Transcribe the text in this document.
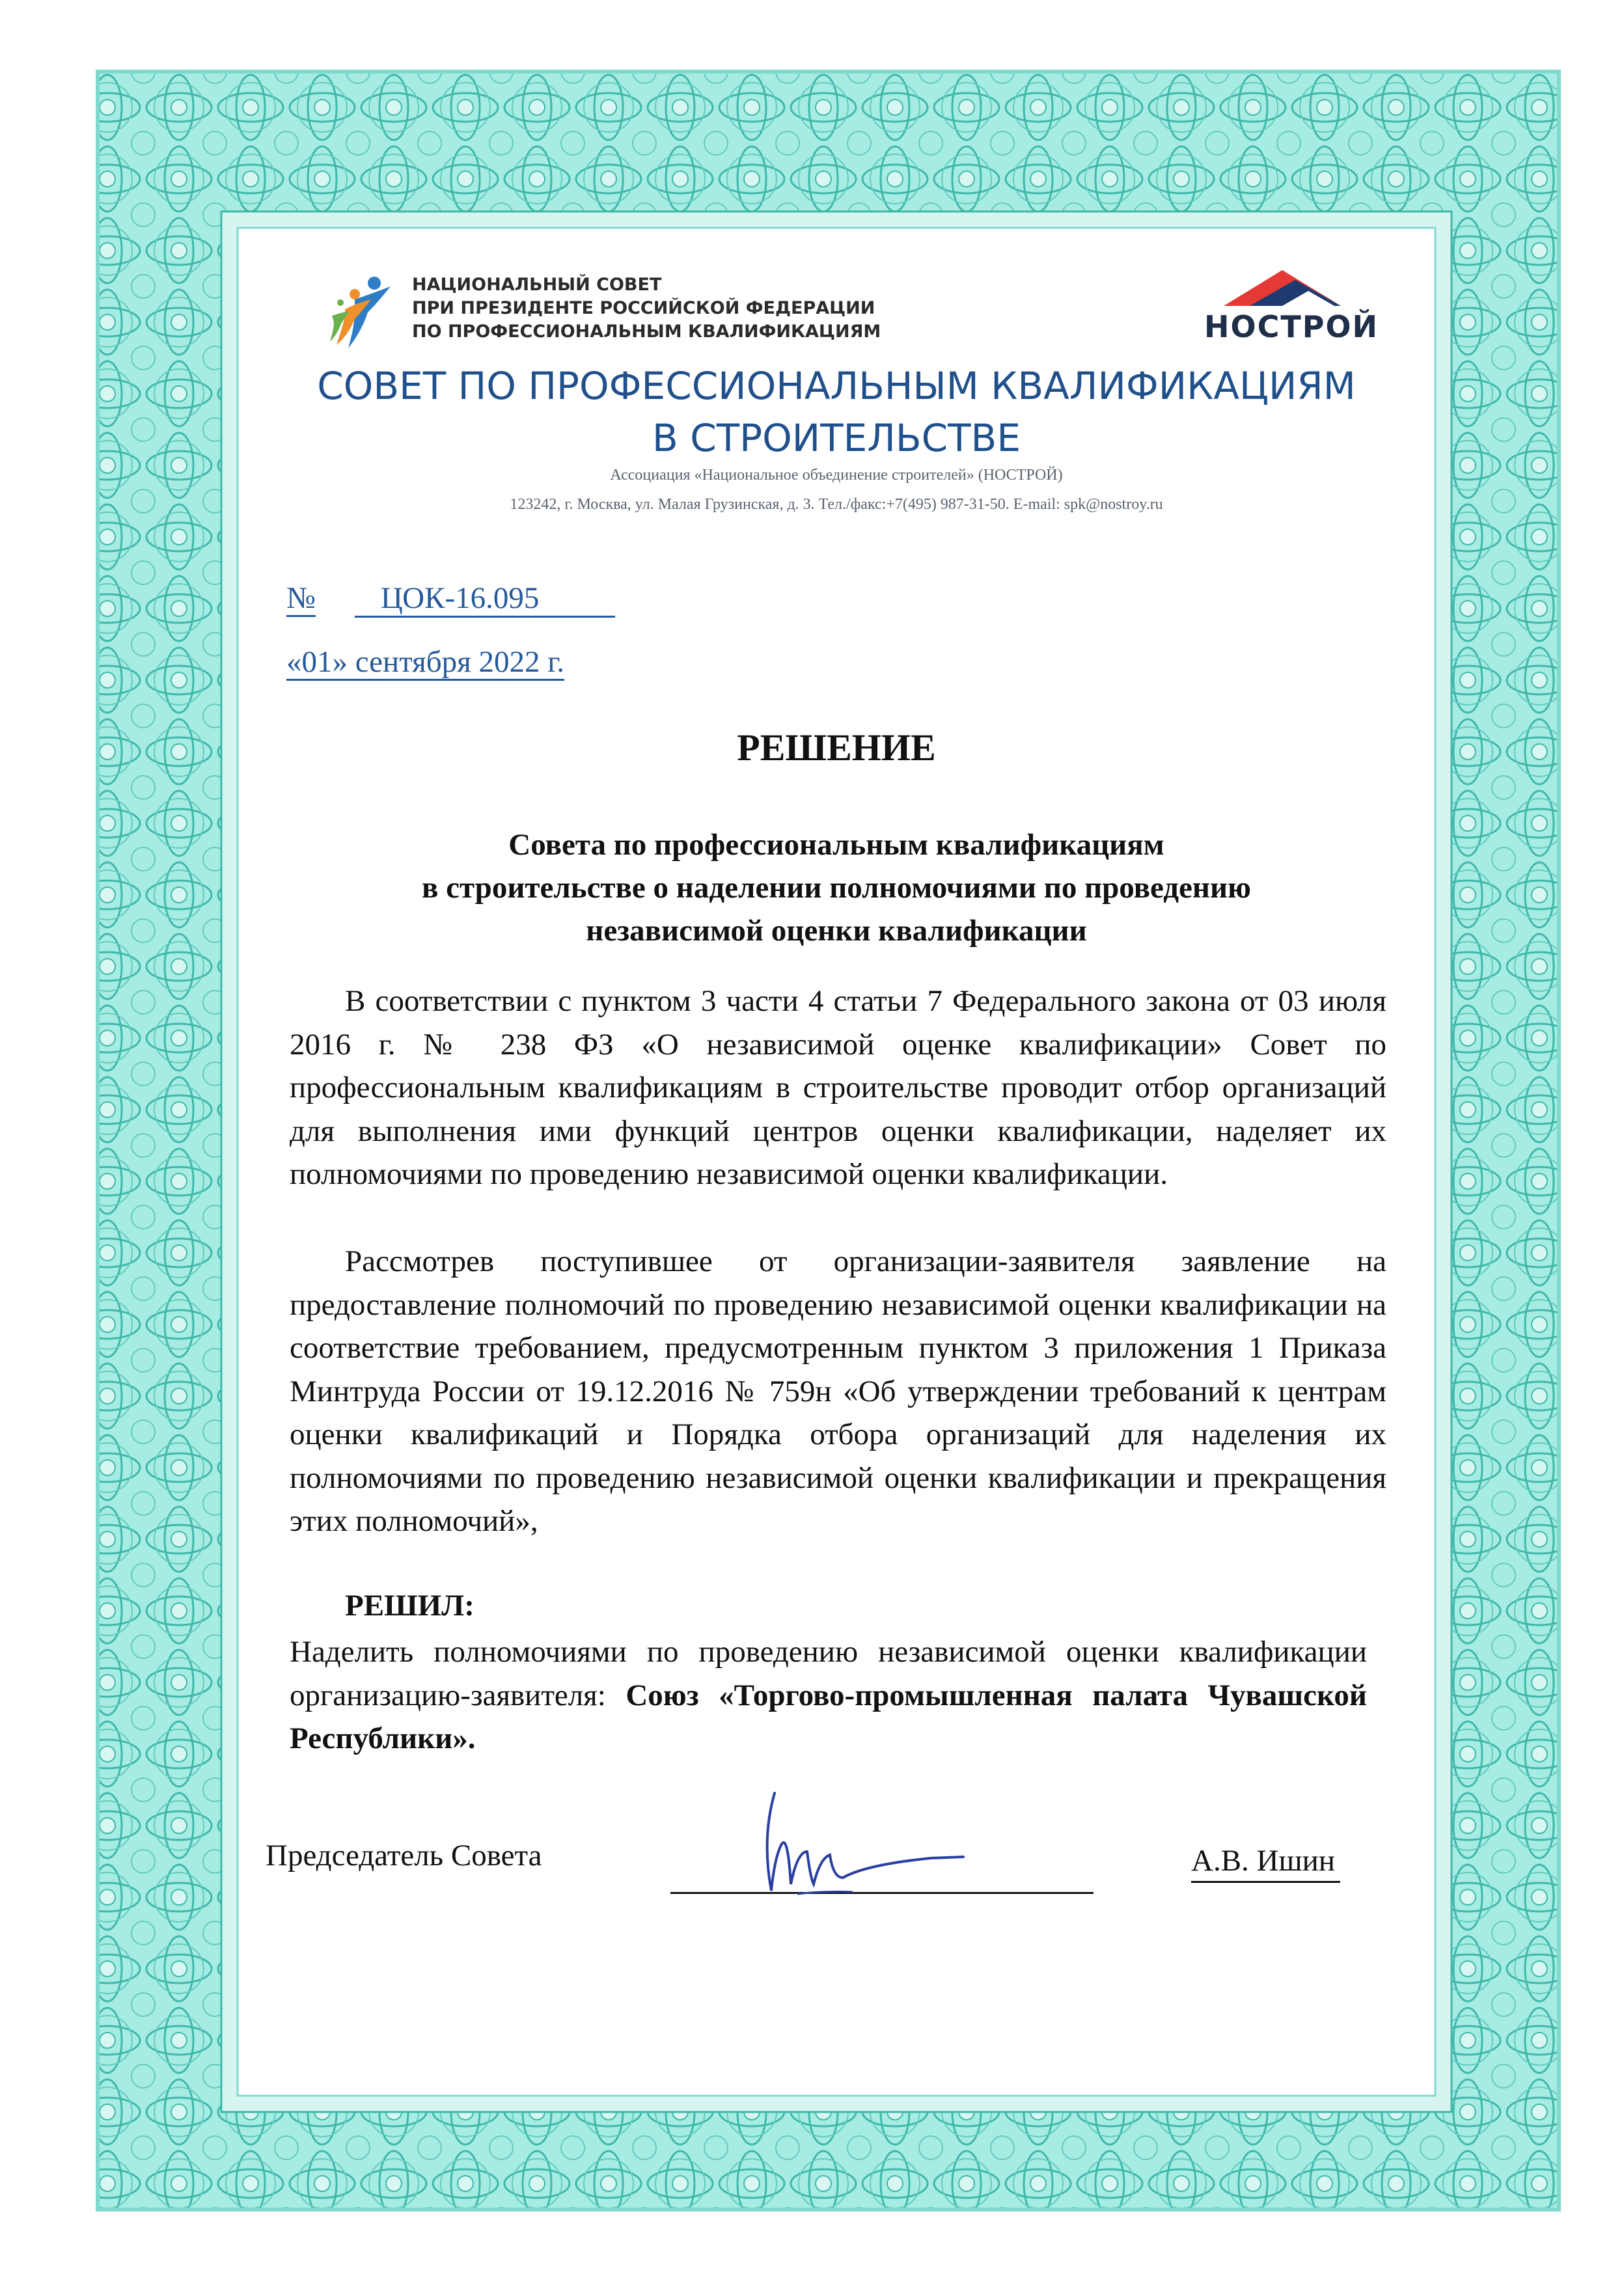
НАЦИОНАЛЬНЫЙ СОВЕТ
ПРИ ПРЕЗИДЕНТЕ РОССИЙСКОЙ ФЕДЕРАЦИИ
ПО ПРОФЕССИОНАЛЬНЫМ КВАЛИФИКАЦИЯМ	НОСТРОЙ
СОВЕТ ПО ПРОФЕССИОНАЛЬНЫМ КВАЛИФИКАЦИЯМ
В СТРОИТЕЛЬСТВЕ
Ассоциация «Национальное объединение строителей» (НОСТРОЙ)
123242, г. Москва, ул. Малая Грузинская, д. 3. Тел./факс:+7(495) 987-31-50. E-mail: spk@nostroy.ru
№ ЦОК-16.095
«01» сентября 2022 г.
РЕШЕНИЕ
Совета по профессиональным квалификациям
в строительстве о наделении полномочиями по проведению
независимой оценки квалификации
В соответствии с пунктом 3 части 4 статьи 7 Федерального закона от 03 июля 2016 г. № 238 ФЗ «О независимой оценке квалификации» Совет по профессиональным квалификациям в строительстве проводит отбор организаций для выполнения ими функций центров оценки квалификации, наделяет их полномочиями по проведению независимой оценки квалификации.
Рассмотрев поступившее от организации-заявителя заявление на предоставление полномочий по проведению независимой оценки квалификации на соответствие требованием, предусмотренным пунктом 3 приложения 1 Приказа Минтруда России от 19.12.2016 № 759н «Об утверждении требований к центрам оценки квалификаций и Порядка отбора организаций для наделения их полномочиями по проведению независимой оценки квалификации и прекращения этих полномочий»,
РЕШИЛ:
Наделить полномочиями по проведению независимой оценки квалификации организацию-заявителя: Союз «Торгово-промышленная палата Чувашской Республики».
Председатель Совета	А.В. Ишин
